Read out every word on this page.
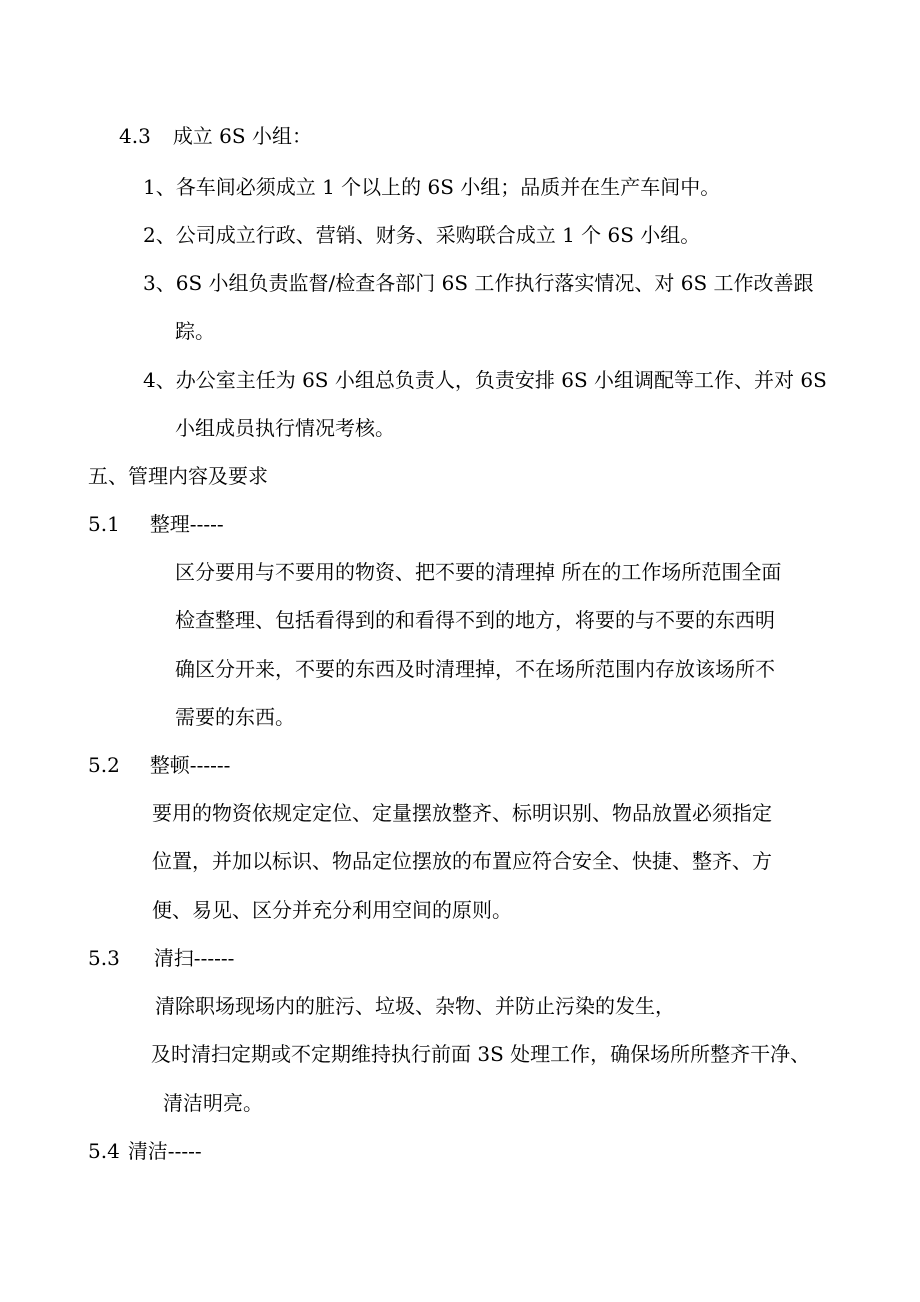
4.3 成立 6S 小组：
1、各车间必须成立 1 个以上的 6S 小组；品质并在生产车间中。
2、公司成立行政、营销、财务、采购联合成立 1 个 6S 小组。
3、6S 小组负责监督/检查各部门 6S 工作执行落实情况、对 6S 工作改善跟
踪。
4、办公室主任为 6S 小组总负责人，负责安排 6S 小组调配等工作、并对 6S
小组成员执行情况考核。
五、管理内容及要求
5.1 整理-----
区分要用与不要用的物资、把不要的清理掉 所在的工作场所范围全面
检查整理、包括看得到的和看得不到的地方，将要的与不要的东西明
确区分开来，不要的东西及时清理掉，不在场所范围内存放该场所不
需要的东西。
5.2 整顿------
要用的物资依规定定位、定量摆放整齐、标明识别、物品放置必须指定
位置，并加以标识、物品定位摆放的布置应符合安全、快捷、整齐、方
便、易见、区分并充分利用空间的原则。
5.3 清扫------
清除职场现场内的脏污、垃圾、杂物、并防止污染的发生，
及时清扫定期或不定期维持执行前面 3S 处理工作，确保场所所整齐干净、
清洁明亮。
5.4 清洁-----
